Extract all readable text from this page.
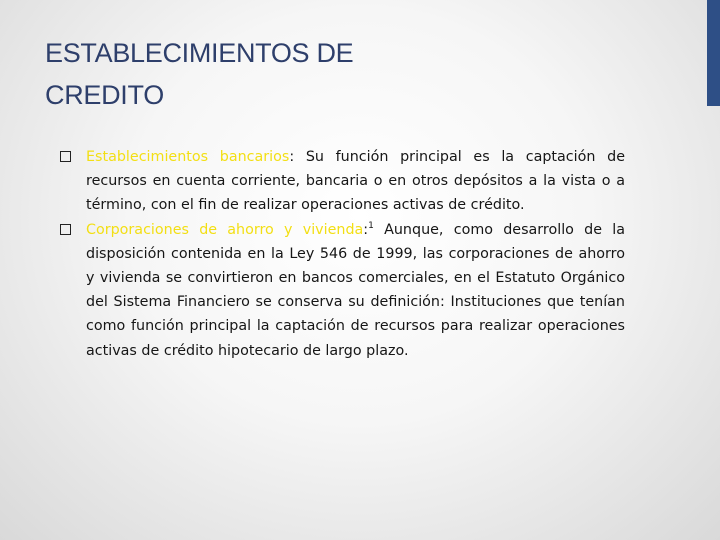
ESTABLECIMIENTOS DE
CREDITO

Establecimientos bancarios: Su función principal es la captación de recursos en cuenta corriente, bancaria o en otros depósitos a la vista o a término, con el fin de realizar operaciones activas de crédito.

Corporaciones de ahorro y vivienda:$^1$ Aunque, como desarrollo de la disposición contenida en la Ley 546 de 1999, las corporaciones de ahorro y vivienda se convirtieron en bancos comerciales, en el Estatuto Orgánico del Sistema Financiero se conserva su definición: Instituciones que tenían como función principal la captación de recursos para realizar operaciones activas de crédito hipotecario de largo plazo.
